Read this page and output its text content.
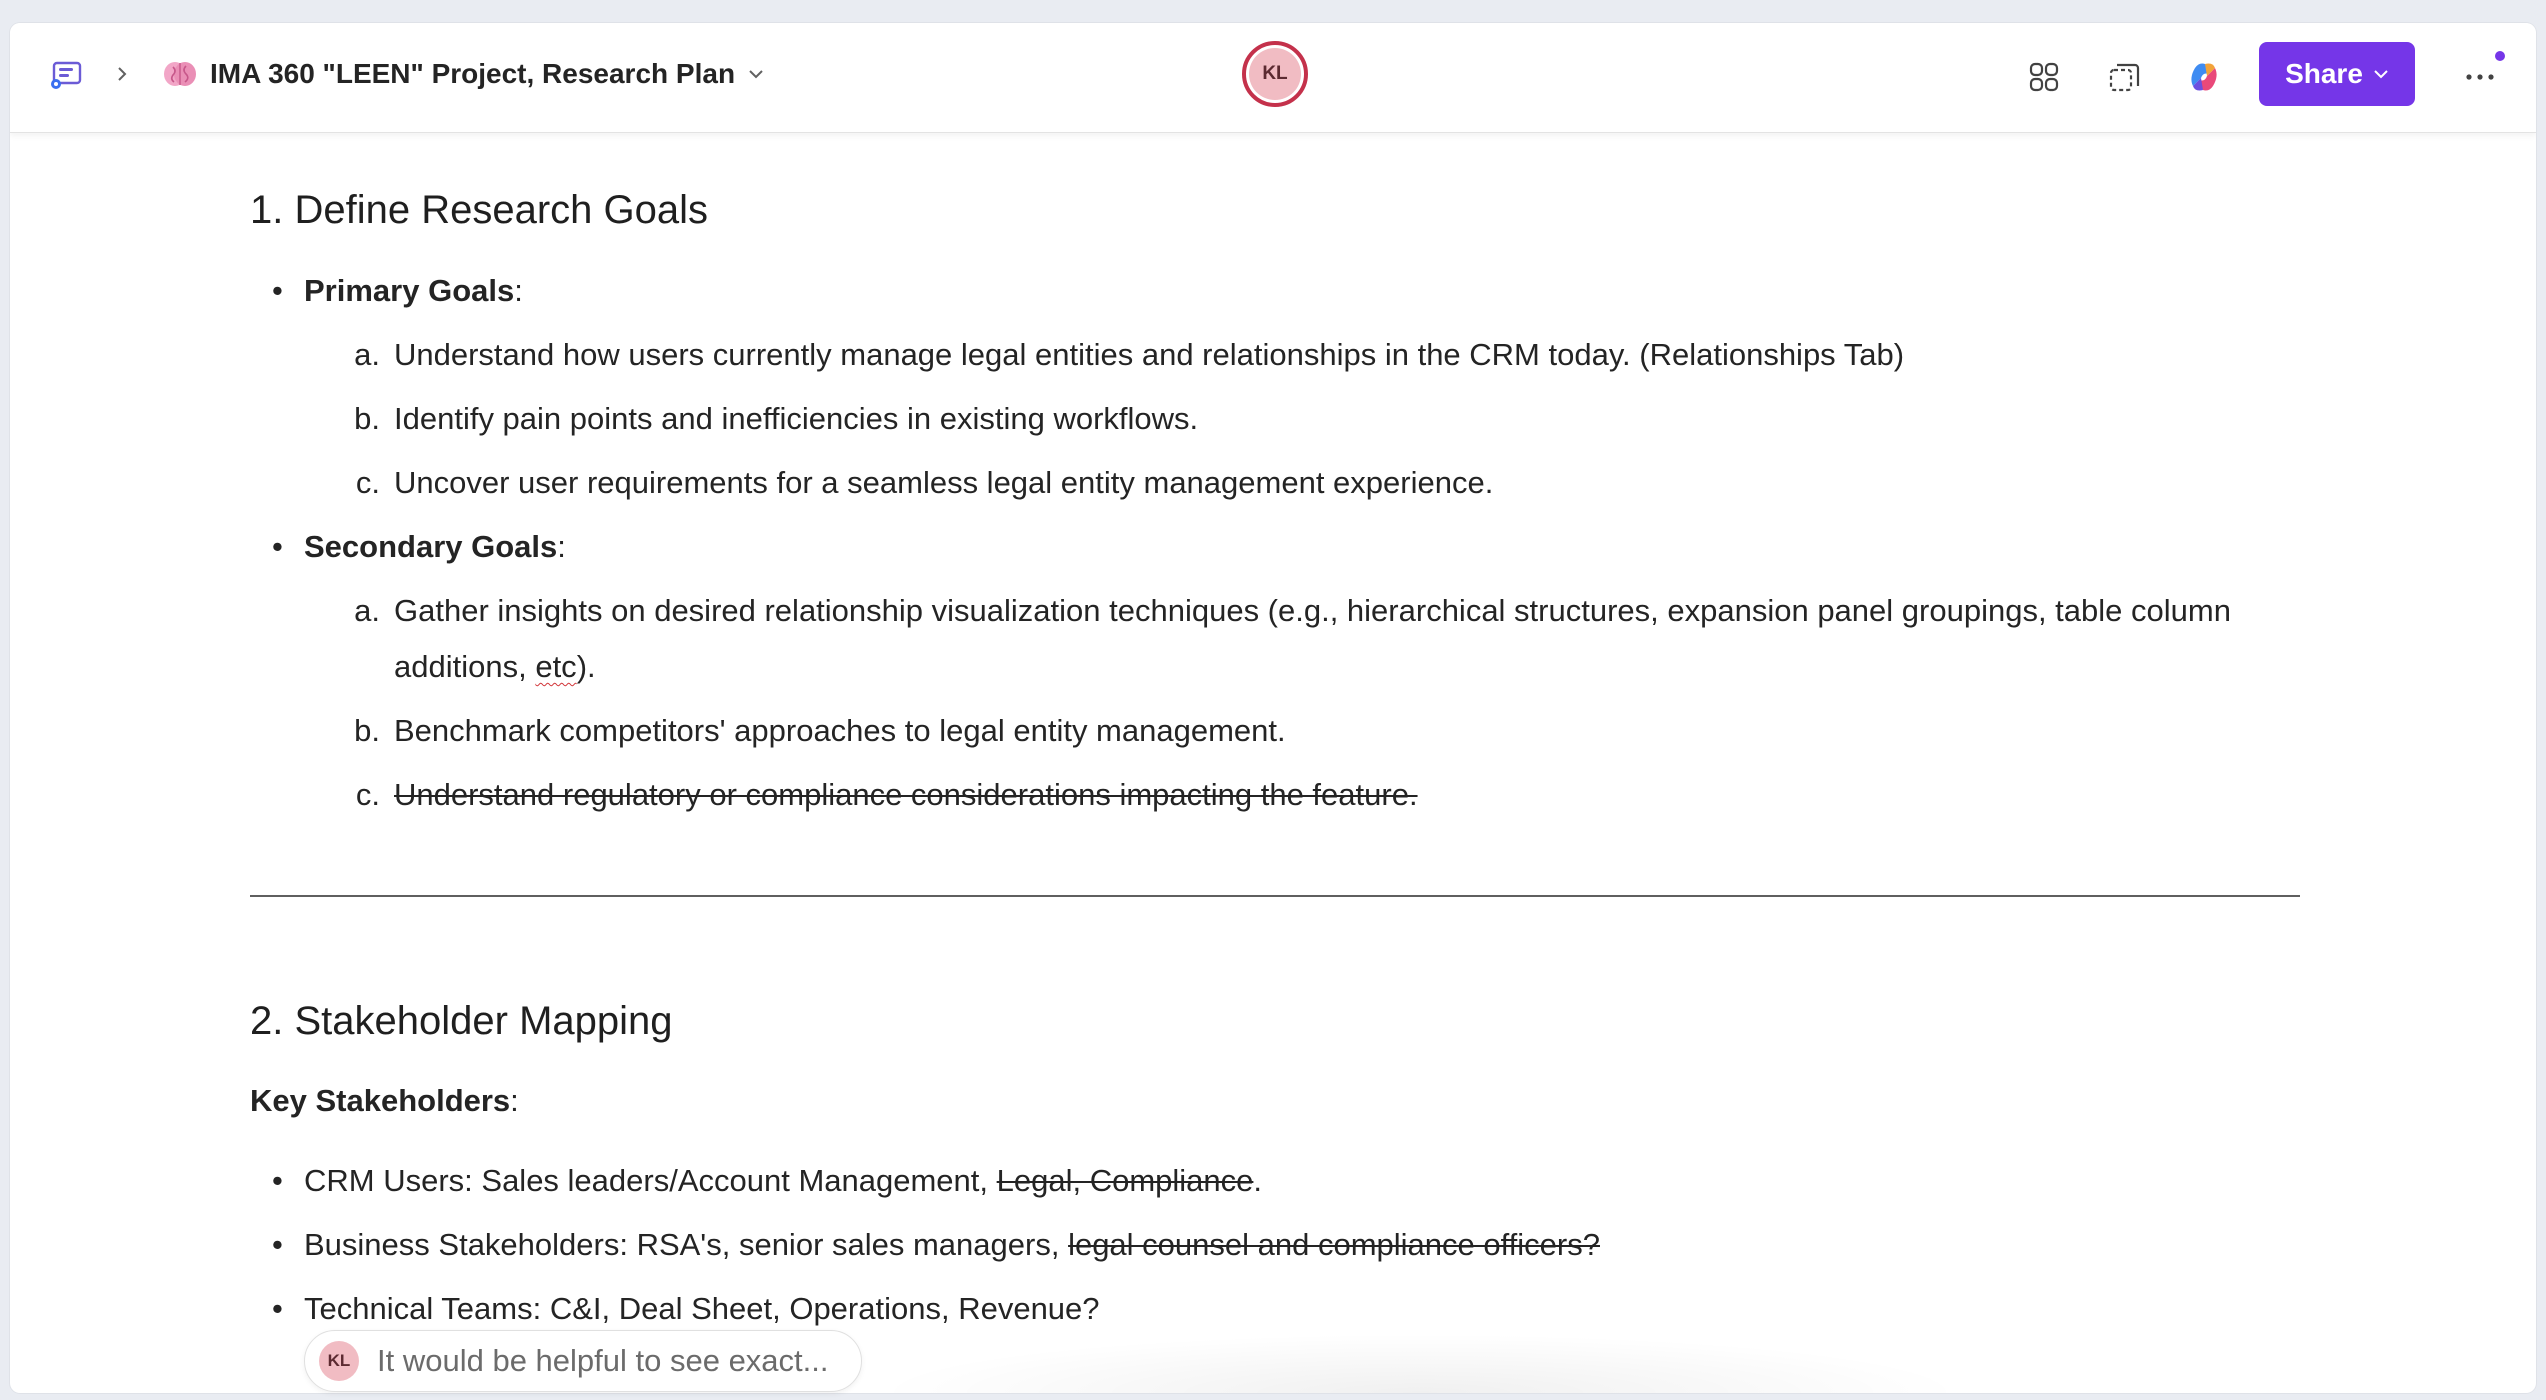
IMA 360 "LEEN" Project, Research Plan	KL	Share
1. Define Research Goals
• Primary Goals:
a. Understand how users currently manage legal entities and relationships in the CRM today. (Relationships Tab)
b. Identify pain points and inefficiencies in existing workflows.
c. Uncover user requirements for a seamless legal entity management experience.
• Secondary Goals:
a. Gather insights on desired relationship visualization techniques (e.g., hierarchical structures, expansion panel groupings, table column
additions, etc).
b. Benchmark competitors' approaches to legal entity management.
c. Understand regulatory or compliance considerations impacting the feature.
2. Stakeholder Mapping
Key Stakeholders:
• CRM Users: Sales leaders/Account Management, Legal, Compliance.
• Business Stakeholders: RSA's, senior sales managers, legal counsel and compliance officers?
• Technical Teams: C&I, Deal Sheet, Operations, Revenue?
KL It would be helpful to see exact...
